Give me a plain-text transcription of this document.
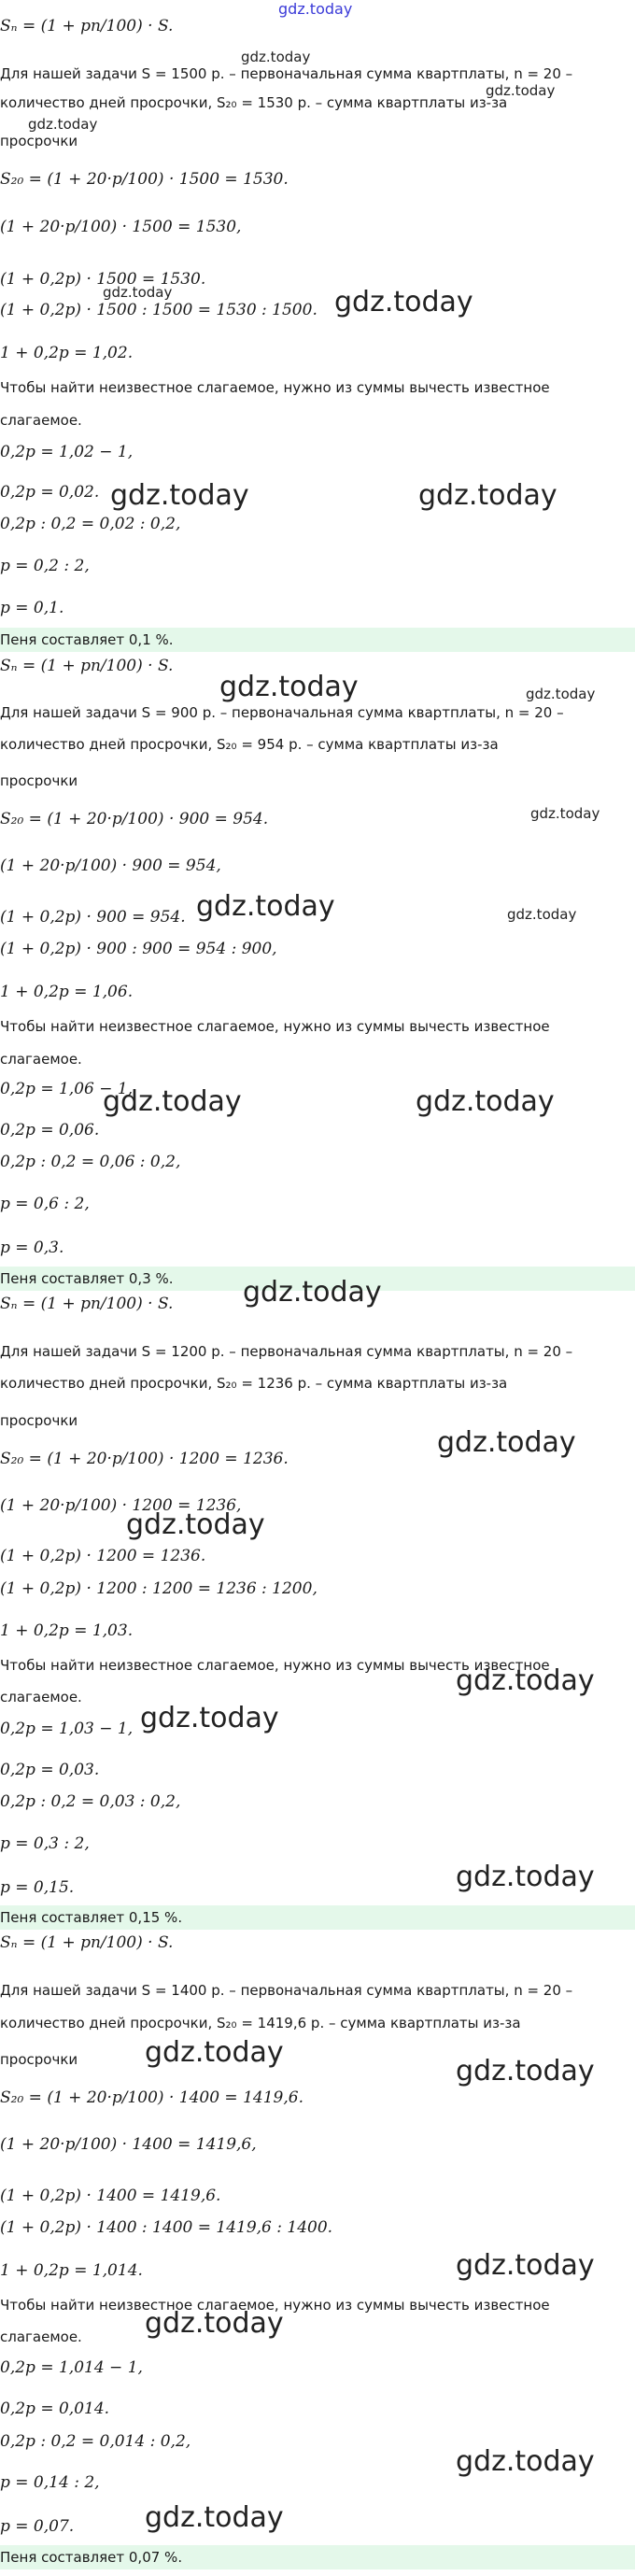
Sₙ = (1 + pn/100) · S.
Для нашей задачи S = 1500 р. – первоначальная сумма квартплаты, n = 20 –
количество дней просрочки, S₂₀ = 1530 р. – сумма квартплаты из-за
просрочки
S₂₀ = (1 + 20·p/100) · 1500 = 1530.
(1 + 20·p/100) · 1500 = 1530,
(1 + 0,2p) · 1500 = 1530.
(1 + 0,2p) · 1500 : 1500 = 1530 : 1500.
1 + 0,2p = 1,02.
Чтобы найти неизвестное слагаемое, нужно из суммы вычесть известное
слагаемое.
0,2p = 1,02 − 1,
0,2p = 0,02.
0,2p : 0,2 = 0,02 : 0,2,
p = 0,2 : 2,
p = 0,1.
Пеня составляет 0,1 %.
Sₙ = (1 + pn/100) · S.
Для нашей задачи S = 900 р. – первоначальная сумма квартплаты, n = 20 –
количество дней просрочки, S₂₀ = 954 р. – сумма квартплаты из-за
просрочки
S₂₀ = (1 + 20·p/100) · 900 = 954.
(1 + 20·p/100) · 900 = 954,
(1 + 0,2p) · 900 = 954.
(1 + 0,2p) · 900 : 900 = 954 : 900,
1 + 0,2p = 1,06.
Чтобы найти неизвестное слагаемое, нужно из суммы вычесть известное
слагаемое.
0,2p = 1,06 − 1,
0,2p = 0,06.
0,2p : 0,2 = 0,06 : 0,2,
p = 0,6 : 2,
p = 0,3.
Пеня составляет 0,3 %.
Sₙ = (1 + pn/100) · S.
Для нашей задачи S = 1200 р. – первоначальная сумма квартплаты, n = 20 –
количество дней просрочки, S₂₀ = 1236 р. – сумма квартплаты из-за
просрочки
S₂₀ = (1 + 20·p/100) · 1200 = 1236.
(1 + 20·p/100) · 1200 = 1236,
(1 + 0,2p) · 1200 = 1236.
(1 + 0,2p) · 1200 : 1200 = 1236 : 1200,
1 + 0,2p = 1,03.
Чтобы найти неизвестное слагаемое, нужно из суммы вычесть известное
слагаемое.
0,2p = 1,03 − 1,
0,2p = 0,03.
0,2p : 0,2 = 0,03 : 0,2,
p = 0,3 : 2,
p = 0,15.
Пеня составляет 0,15 %.
Sₙ = (1 + pn/100) · S.
Для нашей задачи S = 1400 р. – первоначальная сумма квартплаты, n = 20 –
количество дней просрочки, S₂₀ = 1419,6 р. – сумма квартплаты из-за
просрочки
S₂₀ = (1 + 20·p/100) · 1400 = 1419,6.
(1 + 20·p/100) · 1400 = 1419,6,
(1 + 0,2p) · 1400 = 1419,6.
(1 + 0,2p) · 1400 : 1400 = 1419,6 : 1400.
1 + 0,2p = 1,014.
Чтобы найти неизвестное слагаемое, нужно из суммы вычесть известное
слагаемое.
0,2p = 1,014 − 1,
0,2p = 0,014.
0,2p : 0,2 = 0,014 : 0,2,
p = 0,14 : 2,
p = 0,07.
Пеня составляет 0,07 %.
gdz.today
gdz.today
gdz.today
gdz.today
gdz.today	gdz.today
gdz.today	gdz.today
gdz.today	gdz.today
gdz.today
gdz.today	gdz.today
gdz.today	gdz.today
gdz.today
gdz.today
gdz.today
gdz.today
gdz.today
gdz.today
gdz.today
gdz.today
gdz.today
gdz.today
gdz.today
gdz.today
